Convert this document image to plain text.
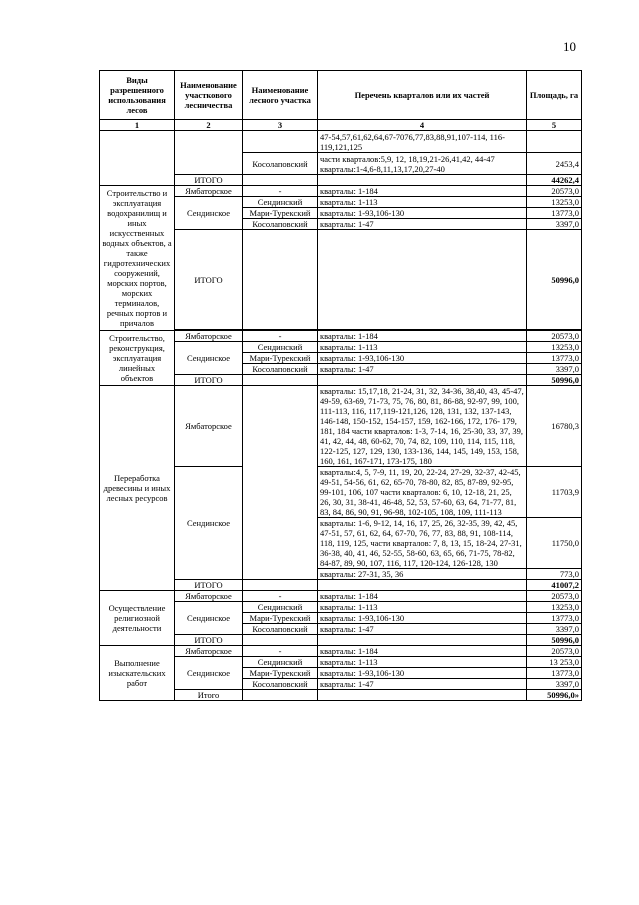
10
Виды разрешенного использования лесов	Наименование участкового лесничества	Наименование лесного участка	Перечень кварталов или их частей	Площадь, га
1	2	3	4	5
			47-54,57,61,62,64,67-7076,77,83,88,91,107-114, 116-119,121,125	
		Косолаповский	части кварталов:5,9, 12, 18,19,21-26,41,42, 44-47 кварталы:1-4,6-8,11,13,17,20,27-40	2453,4
	ИТОГО			44262,4
Строительство и эксплуатация водохранилищ и иных искусственных водных объектов, а также гидротехнических сооружений, морских портов, морских терминалов, речных портов и причалов	Ямбаторское	-	кварталы: 1-184	20573,0
	Сендинское	Сендинский	кварталы: 1-113	13253,0
		Мари-Турекский	кварталы: 1-93,106-130	13773,0
		Косолаповский	кварталы: 1-47	3397,0
	ИТОГО			50996,0

Строительство, реконструкция, эксплуатация линейных объектов	Ямбаторское	-	кварталы: 1-184	20573,0
	Сендинское	Сендинский	кварталы: 1-113	13253,0
		Мари-Турекский	кварталы: 1-93,106-130	13773,0
		Косолаповский	кварталы: 1-47	3397,0
	ИТОГО			50996,0
Переработка древесины и иных лесных ресурсов	Ямбаторское		кварталы: 15,17,18, 21-24, 31, 32, 34-36, 38,40, 43, 45-47, 49-59, 63-69, 71-73, 75, 76, 80, 81, 86-88, 92-97, 99, 100, 111-113, 116, 117,119-121,126, 128, 131, 132, 137-143, 146-148, 150-152, 154-157, 159, 162-166, 172, 176- 179, 181, 184 части кварталов: 1-3, 7-14, 16, 25-30, 33, 37, 39, 41, 42, 44, 48, 60-62, 70, 74, 82, 109, 110, 114, 115, 118, 122-125, 127, 129, 130, 133-136, 144, 145, 149, 153, 158, 160, 161, 167-171, 173-175, 180	16780,3
	Сендинское		кварталы:4, 5, 7-9, 11, 19, 20, 22-24, 27-29, 32-37, 42-45, 49-51, 54-56, 61, 62, 65-70, 78-80, 82, 85, 87-89, 92-95, 99-101, 106, 107 части кварталов: 6, 10, 12-18, 21, 25, 26, 30, 31, 38-41, 46-48, 52, 53, 57-60, 63, 64, 71-77, 81, 83, 84, 86, 90, 91, 96-98, 102-105, 108, 109, 111-113	11703,9
			кварталы: 1-6, 9-12, 14, 16, 17, 25, 26, 32-35, 39, 42, 45, 47-51, 57, 61, 62, 64, 67-70, 76, 77, 83, 88, 91, 108-114, 118, 119, 125, части кварталов: 7, 8, 13, 15, 18-24, 27-31, 36-38, 40, 41, 46, 52-55, 58-60, 63, 65, 66, 71-75, 78-82, 84-87, 89, 90, 107, 116, 117, 120-124, 126-128, 130	11750,0
			кварталы: 27-31, 35, 36	773,0
	ИТОГО			41007,2
Осуществление религиозной деятельности	Ямбаторское	-	кварталы: 1-184	20573,0
	Сендинское	Сендинский	кварталы: 1-113	13253,0
		Мари-Турекский	кварталы: 1-93,106-130	13773,0
		Косолаповский	кварталы: 1-47	3397,0
	ИТОГО			50996,0
Выполнение изыскательских работ	Ямбаторское	-	кварталы: 1-184	20573,0
	Сендинское	Сендинский	кварталы: 1-113	13 253,0
		Мари-Турекский	кварталы: 1-93,106-130	13773,0
		Косолаповский	кварталы: 1-47	3397,0
	Итого			50996,0»
